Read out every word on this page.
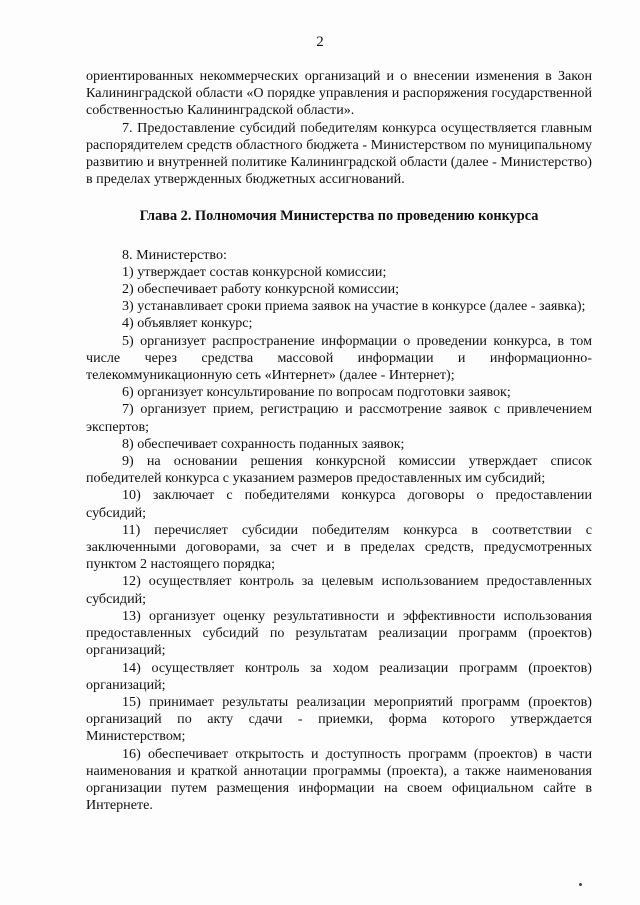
2

ориентированных некоммерческих организаций и о внесении изменения в Закон Калининградской области «О порядке управления и распоряжения государственной собственностью Калининградской области».

7. Предоставление субсидий победителям конкурса осуществляется главным распорядителем средств областного бюджета - Министерством по муниципальному развитию и внутренней политике Калининградской области (далее - Министерство) в пределах утвержденных бюджетных ассигнований.

Глава 2. Полномочия Министерства по проведению конкурса

8. Министерство:

1) утверждает состав конкурсной комиссии;

2) обеспечивает работу конкурсной комиссии;

3) устанавливает сроки приема заявок на участие в конкурсе (далее - заявка);

4) объявляет конкурс;

5) организует распространение информации о проведении конкурса, в том числе через средства массовой информации и информационно-телекоммуникационную сеть «Интернет» (далее - Интернет);

6) организует консультирование по вопросам подготовки заявок;

7) организует прием, регистрацию и рассмотрение заявок с привлечением экспертов;

8) обеспечивает сохранность поданных заявок;

9) на основании решения конкурсной комиссии утверждает список победителей конкурса с указанием размеров предоставленных им субсидий;

10) заключает с победителями конкурса договоры о предоставлении субсидий;

11) перечисляет субсидии победителям конкурса в соответствии с заключенными договорами, за счет и в пределах средств, предусмотренных пунктом 2 настоящего порядка;

12) осуществляет контроль за целевым использованием предоставленных субсидий;

13) организует оценку результативности и эффективности использования предоставленных субсидий по результатам реализации программ (проектов) организаций;

14) осуществляет контроль за ходом реализации программ (проектов) организаций;

15) принимает результаты реализации мероприятий программ (проектов) организаций по акту сдачи - приемки, форма которого утверждается Министерством;

16) обеспечивает открытость и доступность программ (проектов) в части наименования и краткой аннотации программы (проекта), а также наименования организации путем размещения информации на своем официальном сайте в Интернете.
